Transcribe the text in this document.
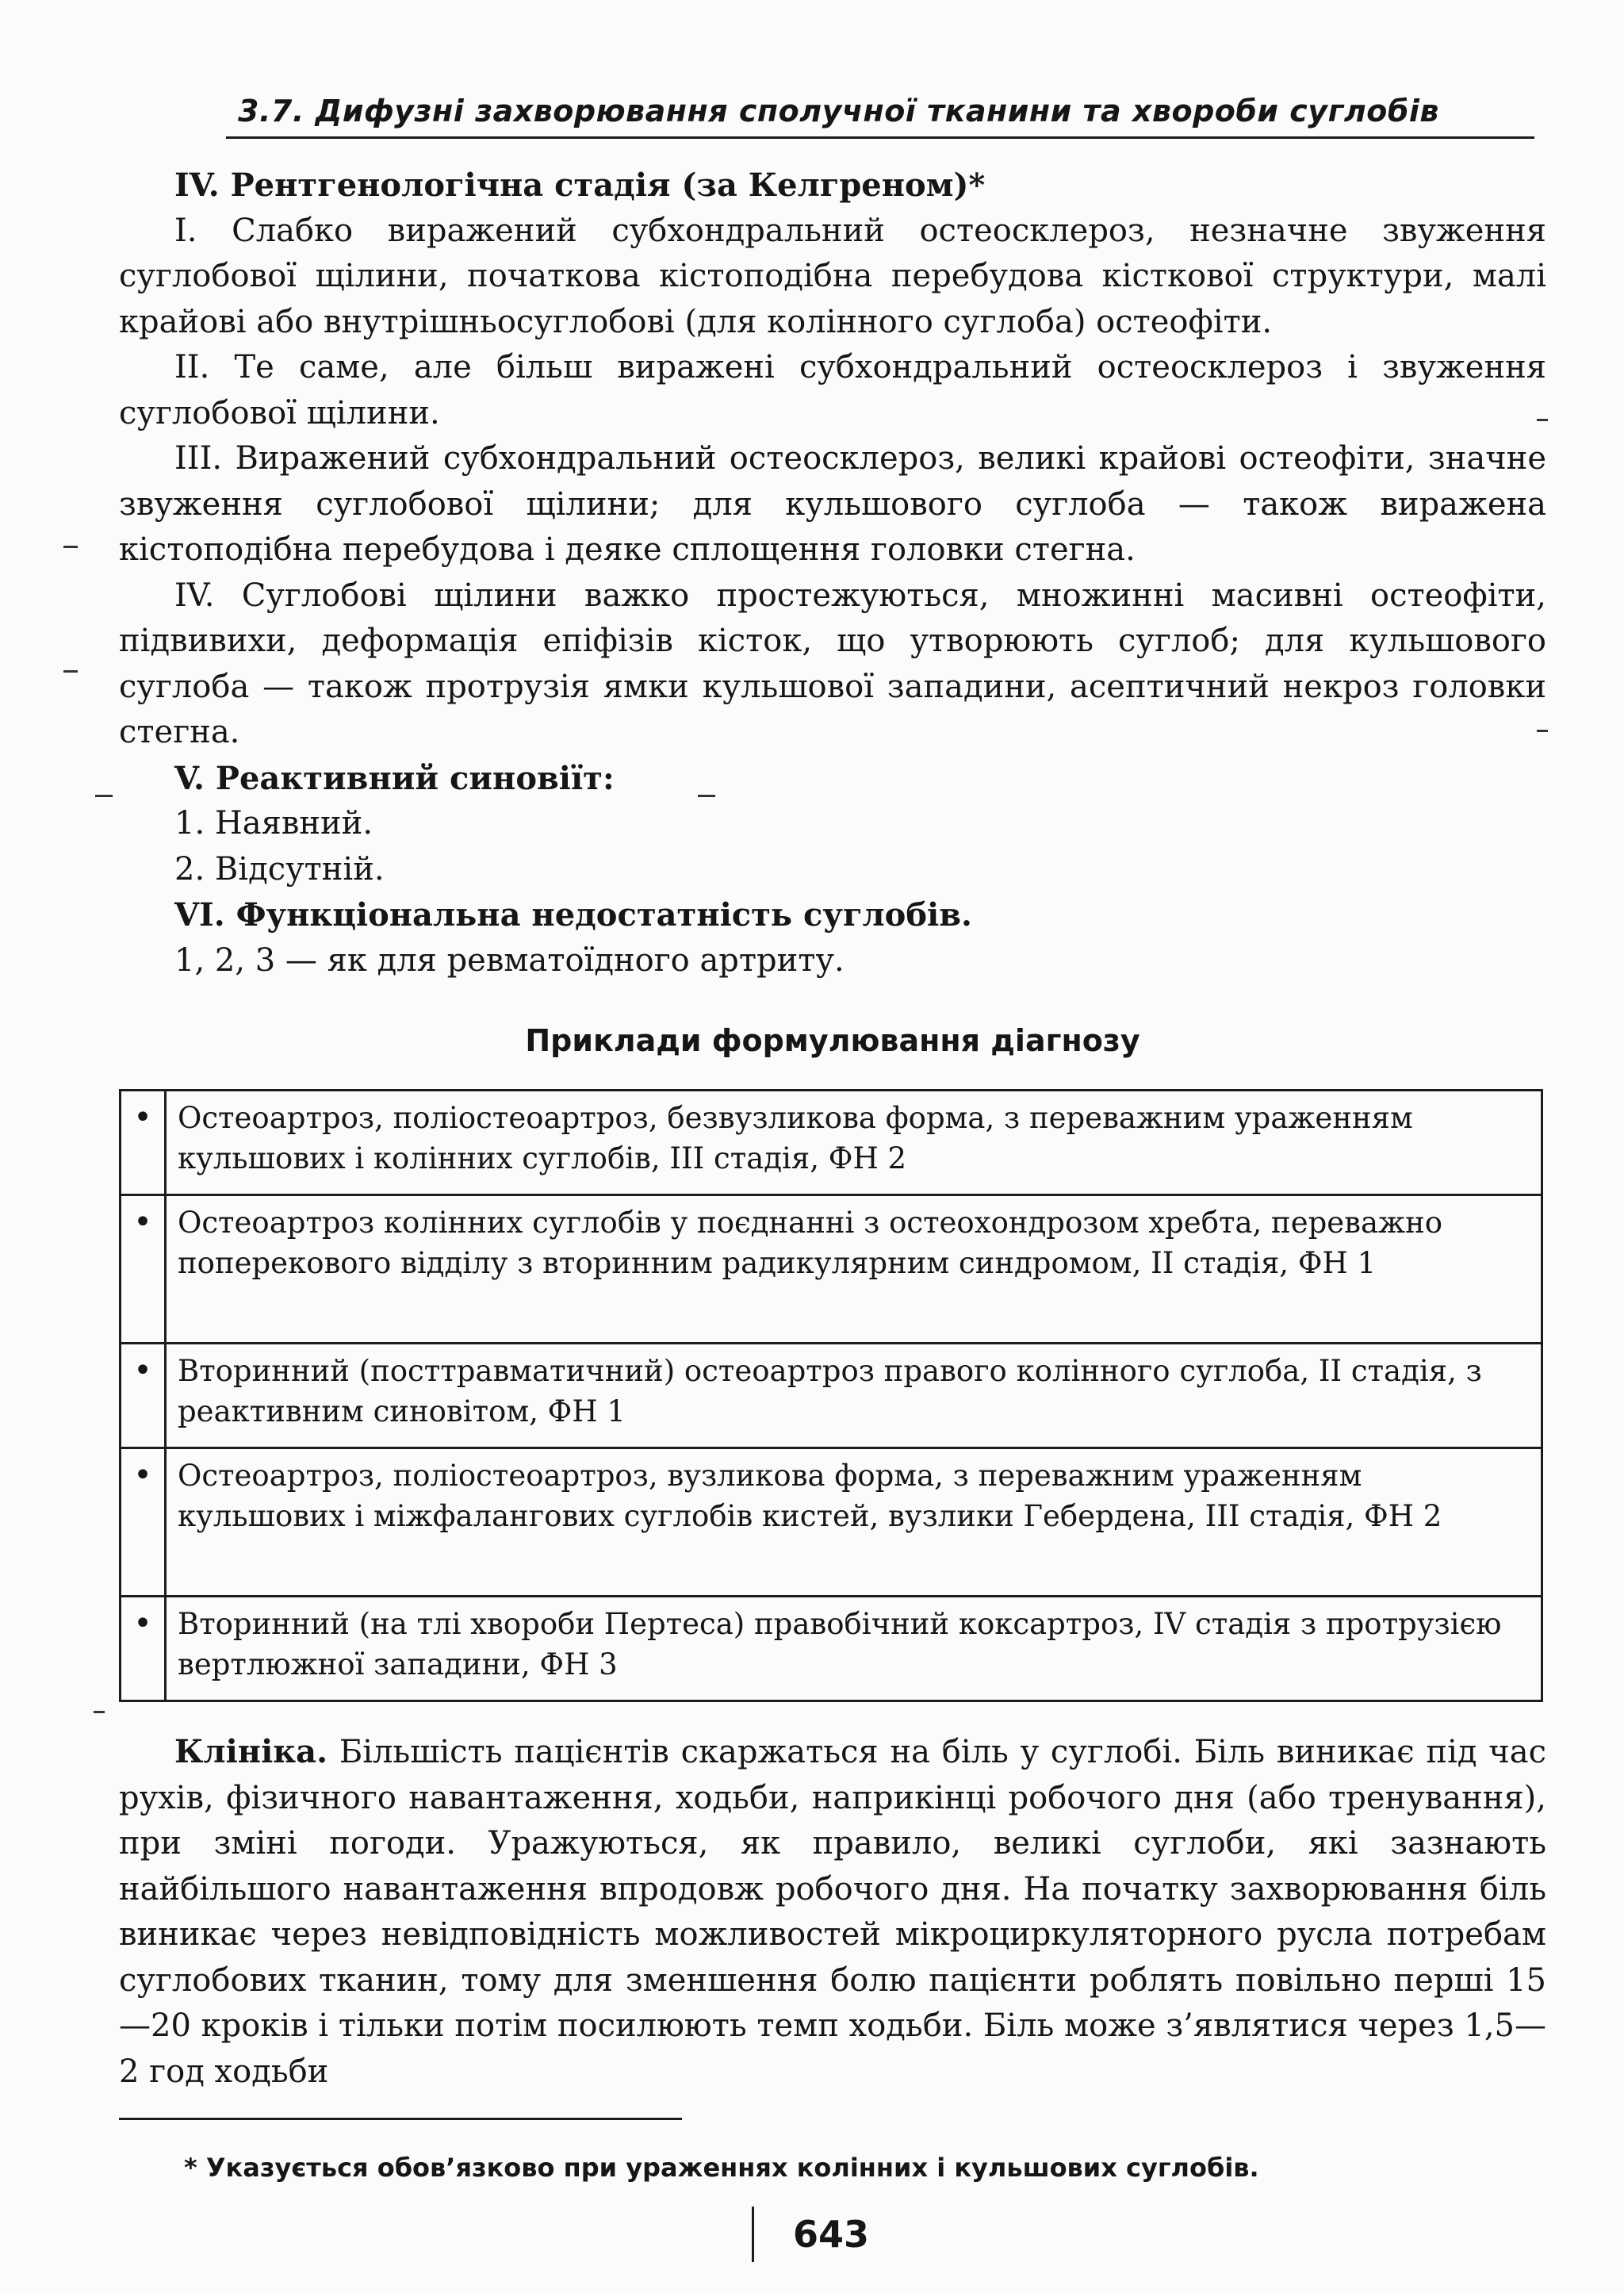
3.7. Дифузні захворювання сполучної тканини та хвороби суглобів

IV. Рентгенологічна стадія (за Келгреном)*

I. Слабко виражений субхондральний остеосклероз, незначне звуження суглобової щілини, початкова кістоподібна перебудова кісткової структури, малі крайові або внутрішньосуглобові (для колінного суглоба) остеофіти.

II. Те саме, але більш виражені субхондральний остеосклероз і звуження суглобової щілини.

III. Виражений субхондральний остеосклероз, великі крайові остеофіти, значне звуження суглобової щілини; для кульшового суглоба — також виражена кістоподібна перебудова і деяке сплощення головки стегна.

IV. Суглобові щілини важко простежуються, множинні масивні остеофіти, підвивихи, деформація епіфізів кісток, що утворюють суглоб; для кульшового суглоба — також протрузія ямки кульшової западини, асептичний некроз головки стегна.

V. Реактивний синовіїт:

1. Наявний.

2. Відсутній.

VI. Функціональна недостатність суглобів.

1, 2, 3 — як для ревматоїдного артриту.

Приклади формулювання діагнозу
•	Остеоартроз, поліостеоартроз, безвузликова форма, з переважним ураженням кульшових і колінних суглобів, III стадія, ФН 2
•	Остеоартроз колінних суглобів у поєднанні з остеохондрозом хребта, переважно поперекового відділу з вторинним радикулярним синдромом, II стадія, ФН 1
•	Вторинний (посттравматичний) остеоартроз правого колінного суглоба, II стадія, з реактивним синовітом, ФН 1
•	Остеоартроз, поліостеоартроз, вузликова форма, з переважним ураженням кульшових і міжфалангових суглобів кистей, вузлики Гебердена, III стадія, ФН 2
•	Вторинний (на тлі хвороби Пертеса) правобічний коксартроз, IV стадія з протрузією вертлюжної западини, ФН 3

Клініка. Більшість пацієнтів скаржаться на біль у суглобі. Біль виникає під час рухів, фізичного навантаження, ходьби, наприкінці робочого дня (або тренування), при зміні погоди. Уражуються, як правило, великі суглоби, які зазнають найбільшого навантаження впродовж робочого дня. На початку захворювання біль виникає через невідповідність можливостей мікроциркуляторного русла потребам суглобових тканин, тому для зменшення болю пацієнти роблять повільно перші 15—20 кроків і тільки потім посилюють темп ходьби. Біль може з’являтися через 1,5—2 год ходьби

* Указується обов’язково при ураженнях колінних і кульшових суглобів.
643
